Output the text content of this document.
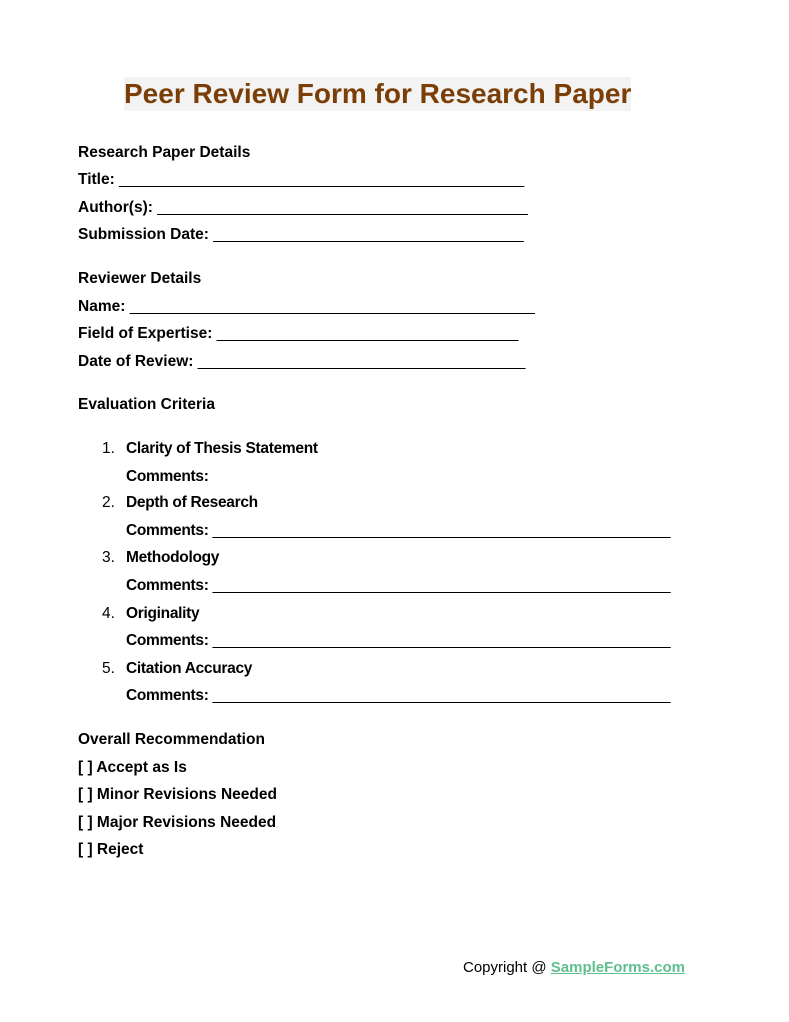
Peer Review Form for Research Paper
Research Paper Details
Title: _______________________________________________
Author(s): ___________________________________________
Submission Date: ____________________________________
Reviewer Details
Name: _______________________________________________
Field of Expertise: ___________________________________
Date of Review: ______________________________________
Evaluation Criteria
1. Clarity of Thesis Statement
Comments:
2. Depth of Research
Comments: _______________________________________________________
3. Methodology
Comments: _______________________________________________________
4. Originality
Comments: _______________________________________________________
5. Citation Accuracy
Comments: _______________________________________________________
Overall Recommendation
[ ] Accept as Is
[ ] Minor Revisions Needed
[ ] Major Revisions Needed
[ ] Reject
Copyright @ SampleForms.com
